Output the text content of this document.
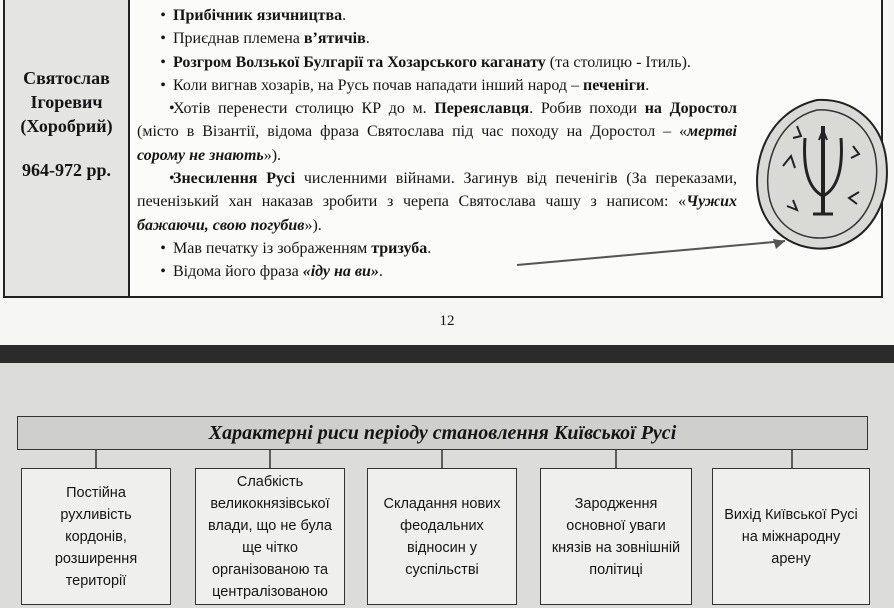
Святослав
Ігоревич
(Хоробрий)
964-972 рр.
• Прибічник язичництва.
• Приєднав племена в’ятичів.
• Розгром Волзької Булгарії та Хозарського каганату (та столицю - Ітиль).
• Коли вигнав хозарів, на Русь почав нападати інший народ – печеніги.
•Хотів перенести столицю КР до м. Переяславця. Робив походи на Доростол (місто в Візантії, відома фраза Святослава під час походу на Доростол – «мертві сорому не знають»).
•Знесилення Русі численними війнами. Загинув від печенігів (За переказами, печенізький хан наказав зробити з черепа Святослава чашу з написом: «Чужих бажаючи, свою погубив»).
• Мав печатку із зображенням тризуба.
• Відома його фраза «іду на ви».
12
Характерні риси періоду становлення Київської Русі
Постійна рухливість кордонів, розширення території
Слабкість великокнязівської влади, що не була ще чітко організованою та централізованою
Складання нових феодальних відносин у суспільстві
Зародження основної уваги князів на зовнішній політиці
Вихід Київської Русі на міжнародну арену
